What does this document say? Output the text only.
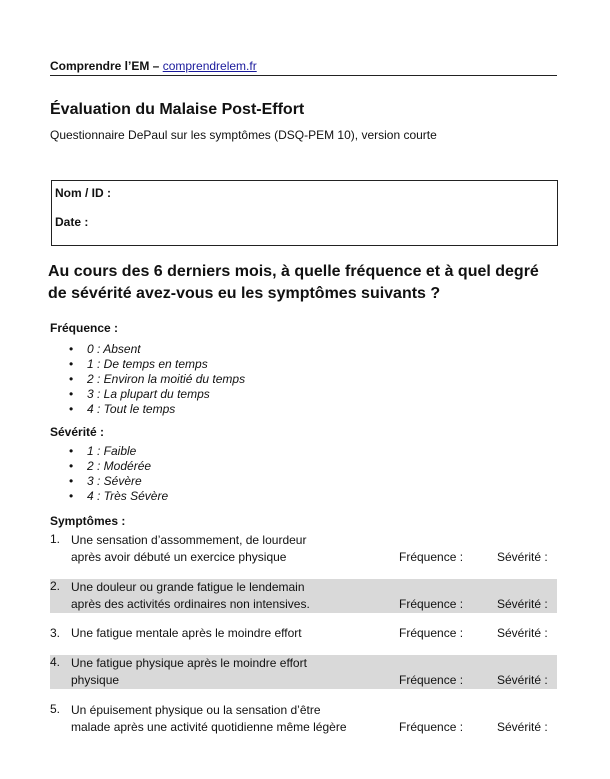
Comprendre l’EM – comprendrelem.fr
Évaluation du Malaise Post-Effort
Questionnaire DePaul sur les symptômes (DSQ-PEM 10), version courte
Nom / ID :
Date :
Au cours des 6 derniers mois, à quelle fréquence et à quel degré de sévérité avez-vous eu les symptômes suivants ?
Fréquence :
• 0 : Absent
• 1 : De temps en temps
• 2 : Environ la moitié du temps
• 3 : La plupart du temps
• 4 : Tout le temps
Sévérité :
• 1 : Faible
• 2 : Modérée
• 3 : Sévère
• 4 : Très Sévère
Symptômes :
1. Une sensation d’assommement, de lourdeur
après avoir débuté un exercice physique	Fréquence :	Sévérité :
2. Une douleur ou grande fatigue le lendemain
après des activités ordinaires non intensives.	Fréquence :	Sévérité :
3. Une fatigue mentale après le moindre effort	Fréquence :	Sévérité :
4. Une fatigue physique après le moindre effort
physique	Fréquence :	Sévérité :
5. Un épuisement physique ou la sensation d’être
malade après une activité quotidienne même légère	Fréquence :	Sévérité :
